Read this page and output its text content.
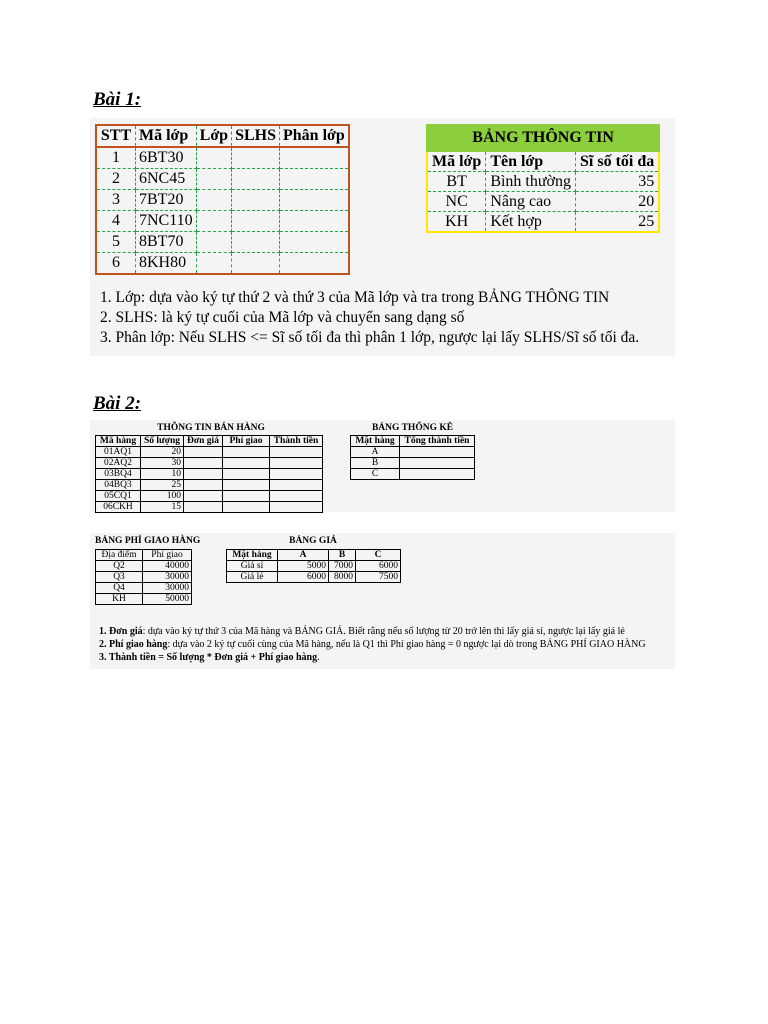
Bài 1:
STT	Mã lớp	Lớp	SLHS	Phân lớp
1	6BT30			
2	6NC45			
3	7BT20			
4	7NC110			
5	8BT70			
6	8KH80			
BẢNG THÔNG TIN		
Mã lớp	Tên lớp	Sĩ số tối đa
BT	Bình thường	35
NC	Nâng cao	20
KH	Kết hợp	25
1. Lớp: dựa vào ký tự thứ 2 và thứ 3 của Mã lớp và tra trong BẢNG THÔNG TIN
2. SLHS: là ký tự cuối của Mã lớp và chuyển sang dạng số
3. Phân lớp: Nếu SLHS <= Sĩ số tối đa thì phân 1 lớp, ngược lại lấy SLHS/Sĩ số tối đa.
Bài 2:
THÔNG TIN BÁN HÀNG
Mã hàng	Số lượng	Đơn giá	Phí giao	Thành tiền
01AQ1	20			
02AQ2	30			
03BQ4	10			
04BQ3	25			
05CQ1	100			
06CKH	15			
BẢNG THỐNG KÊ
Mặt hàng	Tổng thành tiền
A	
B	
C	
BẢNG PHÍ GIAO HÀNG
Địa điểm	Phí giao
Q2	40000
Q3	30000
Q4	30000
KH	50000
BẢNG GIÁ
Mặt hàng	A	B	C
Giá sỉ	5000	7000	6000
Giá lẻ	6000	8000	7500
1. Đơn giá: dựa vào ký tự thứ 3 của Mã hàng và BẢNG GIÁ. Biết rằng nếu số lượng từ 20 trở lên thì lấy giá sỉ, ngược lại lấy giá lẻ
2. Phí giao hàng: dựa vào 2 ký tự cuối cùng của Mã hàng, nếu là Q1 thì Phí giao hàng = 0 ngược lại dò trong BẢNG PHÍ GIAO HÀNG
3. Thành tiền = Số lượng * Đơn giá + Phí giao hàng.
